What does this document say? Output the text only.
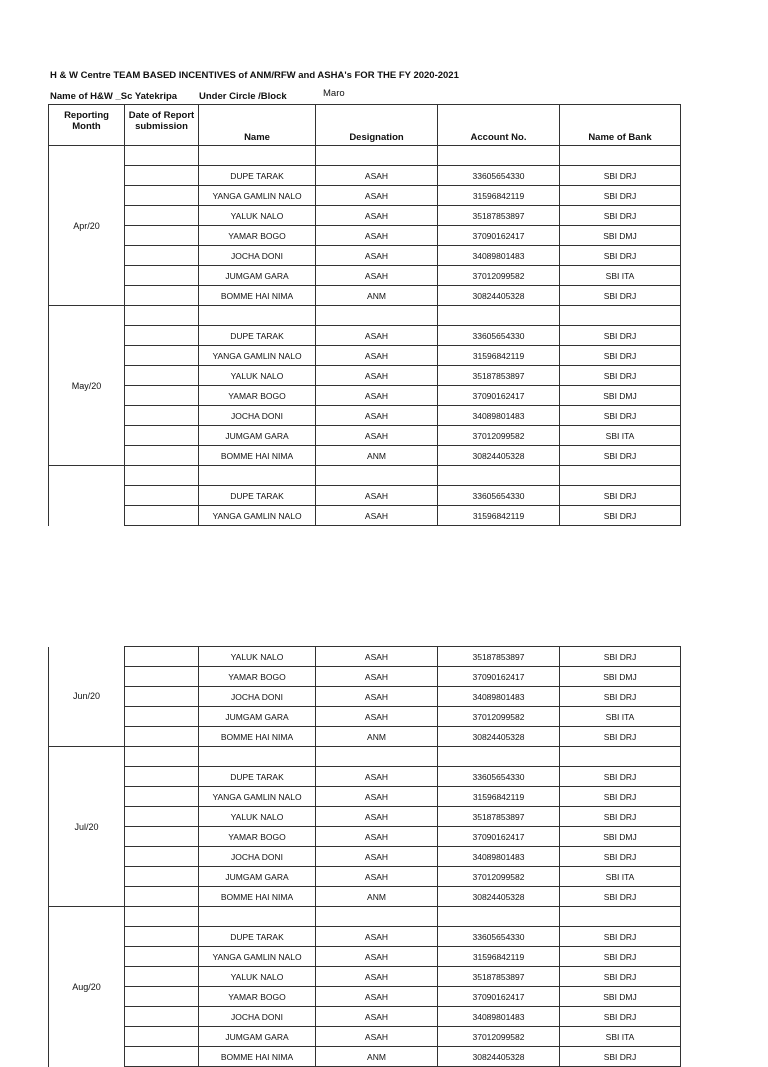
H & W Centre TEAM BASED INCENTIVES of ANM/RFW and ASHA's FOR THE FY 2020-2021
Name of H&W _Sc Yatekripa Under Circle /Block	Maro
Reporting Month	Date of Report submission	Name	Designation	Account No.	Name of Bank
Apr/20					
		DUPE TARAK	ASAH	33605654330	SBI DRJ
		YANGA GAMLIN NALO	ASAH	31596842119	SBI DRJ
		YALUK NALO	ASAH	35187853897	SBI DRJ
		YAMAR BOGO	ASAH	37090162417	SBI DMJ
		JOCHA DONI	ASAH	34089801483	SBI DRJ
		JUMGAM GARA	ASAH	37012099582	SBI ITA
		BOMME HAI NIMA	ANM	30824405328	SBI DRJ
May/20					
		DUPE TARAK	ASAH	33605654330	SBI DRJ
		YANGA GAMLIN NALO	ASAH	31596842119	SBI DRJ
		YALUK NALO	ASAH	35187853897	SBI DRJ
		YAMAR BOGO	ASAH	37090162417	SBI DMJ
		JOCHA DONI	ASAH	34089801483	SBI DRJ
		JUMGAM GARA	ASAH	37012099582	SBI ITA
		BOMME HAI NIMA	ANM	30824405328	SBI DRJ

		DUPE TARAK	ASAH	33605654330	SBI DRJ
		YANGA GAMLIN NALO	ASAH	31596842119	SBI DRJ
Jun/20		YALUK NALO	ASAH	35187853897	SBI DRJ
		YAMAR BOGO	ASAH	37090162417	SBI DMJ
		JOCHA DONI	ASAH	34089801483	SBI DRJ
		JUMGAM GARA	ASAH	37012099582	SBI ITA
		BOMME HAI NIMA	ANM	30824405328	SBI DRJ
Jul/20					
		DUPE TARAK	ASAH	33605654330	SBI DRJ
		YANGA GAMLIN NALO	ASAH	31596842119	SBI DRJ
		YALUK NALO	ASAH	35187853897	SBI DRJ
		YAMAR BOGO	ASAH	37090162417	SBI DMJ
		JOCHA DONI	ASAH	34089801483	SBI DRJ
		JUMGAM GARA	ASAH	37012099582	SBI ITA
		BOMME HAI NIMA	ANM	30824405328	SBI DRJ
Aug/20					
		DUPE TARAK	ASAH	33605654330	SBI DRJ
		YANGA GAMLIN NALO	ASAH	31596842119	SBI DRJ
		YALUK NALO	ASAH	35187853897	SBI DRJ
		YAMAR BOGO	ASAH	37090162417	SBI DMJ
		JOCHA DONI	ASAH	34089801483	SBI DRJ
		JUMGAM GARA	ASAH	37012099582	SBI ITA
		BOMME HAI NIMA	ANM	30824405328	SBI DRJ
